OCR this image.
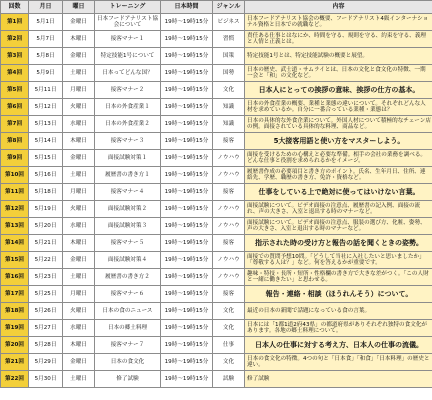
回数	月日	曜日	トレーニング	日本時間	ジャンル	内容
第1回	5月1日	金曜日	日本フードアナリスト協会について	19時〜19時15分	ビジネス	日本フードアナリスト協会の概要、フードアナリスト4級インターナショナル資格と日本での就職など。

第2回	5月7日	木曜日	接客マナー１	19時〜19時15分	習慣	責任ある仕事とはなにか、時間を守る、規則を守る、約束を守る、義理と人情と正義とは。

第3回	5月8日	金曜日	特定技能1号について	19時〜19時15分	国策	特定技能1号とは、特定技能試験の概要と展望。

第4回	5月9日	土曜日	日本ってどんな国？	19時〜19時15分	国勢	日本の歴史、武士道・サムライとは、日本の文化と食文化の特徴、一期一会と「和」の文化など。

第5回	5月11日	月曜日	接客マナー２	19時〜19時15分	文化	日本人にとっての挨拶の意味、挨拶の仕方の基本。

第6回	5月12日	火曜日	日本の外食産業１	19時〜19時15分	知識	日本の外食産業の概要、業種と業態の違いについて。それぞれどんな人材を求めているか。自分に一番合っている業種・業態は？

第7回	5月13日	水曜日	日本の外食産業２	19時〜19時15分	知識	日本の具体的な外食企業について。外国人材について積極的なチェーン店の例。面接されている具体的な料理、商品など。

第8回	5月14日	木曜日	接客マナー３	19時〜19時15分	接客	5大接客用語と使い方をマスターしよう。

第9回	5月15日	金曜日	面接試験対策１	19時〜19時15分	ノウハウ	面接を受けるための心構えと必要な準備。相手の会社の業務を調べる。どんな仕事と役割を求められるかをイメージ。

第10回	5月16日	土曜日	履歴書の書き方１	19時〜19時15分	ノウハウ	履歴書作成の必要項目と書き方のポイント。氏名、生年月日、住所、連絡先、学歴、職歴の書き方、免許・資格など。

第11回	5月18日	月曜日	接客マナー４	19時〜19時15分	接客	仕事をしている上で絶対に使ってはいけない言葉。

第12回	5月19日	火曜日	面接試験対策２	19時〜19時15分	ノウハウ	面接試験について。ビデオ面接の注意点、履歴書の記入例、面接の流れ、声の大きさ、入室と退出する時のマナーなど。

第13回	5月20日	水曜日	面接試験対策３	19時〜19時15分	ノウハウ	面接試験について。ビデオ面接の注意点、服装の選び方、化粧、姿勢、声の大きさ、入室と退出する時のマナーなど。

第14回	5月21日	木曜日	接客マナー５	19時〜19時15分	接客	指示された時の受け方と報告の話を聞くときの姿勢。

第15回	5月22日	金曜日	面接試験対策４	19時〜19時15分	ノウハウ	面接での質問予想10問。「どうして当社に入社したいと思いましたか」「尊敬する人は？」など。何を答えるかが重要です。

第16回	5月23日	土曜日	履歴書の書き方２	19時〜19時15分	ノウハウ	趣味・特技・長所・短所・性格欄の書き方で大きな差がつく。「この人財と一緒に働きたい」と思わせる。

第17回	5月25日	月曜日	接客マナー６	19時〜19時15分	接客	報告・連絡・相談（ほうれんそう）について。

第18回	5月26日	火曜日	日本の食のニュース	19時〜19時15分	文化	最近の日本の新聞で話題になっている食の言葉。

第19回	5月27日	水曜日	日本の郷土料理	19時〜19時15分	文化	日本には「1都1道2府43県」の都道府県がありそれぞれ独特の食文化があります。各地の郷土料理について。

第20回	5月28日	木曜日	接客マナー７	19時〜19時15分	仕事	日本人の仕事に対する考え方、日本人の仕事の流儀。

第21回	5月29日	金曜日	日本の食文化	19時〜19時15分	文化	日本の食文化の特徴。4つの句と「日本食」「和食」「日本料理」の歴史と違い。

第22回	5月30日	土曜日	修了試験	19時〜19時15分	試験	修了試験
